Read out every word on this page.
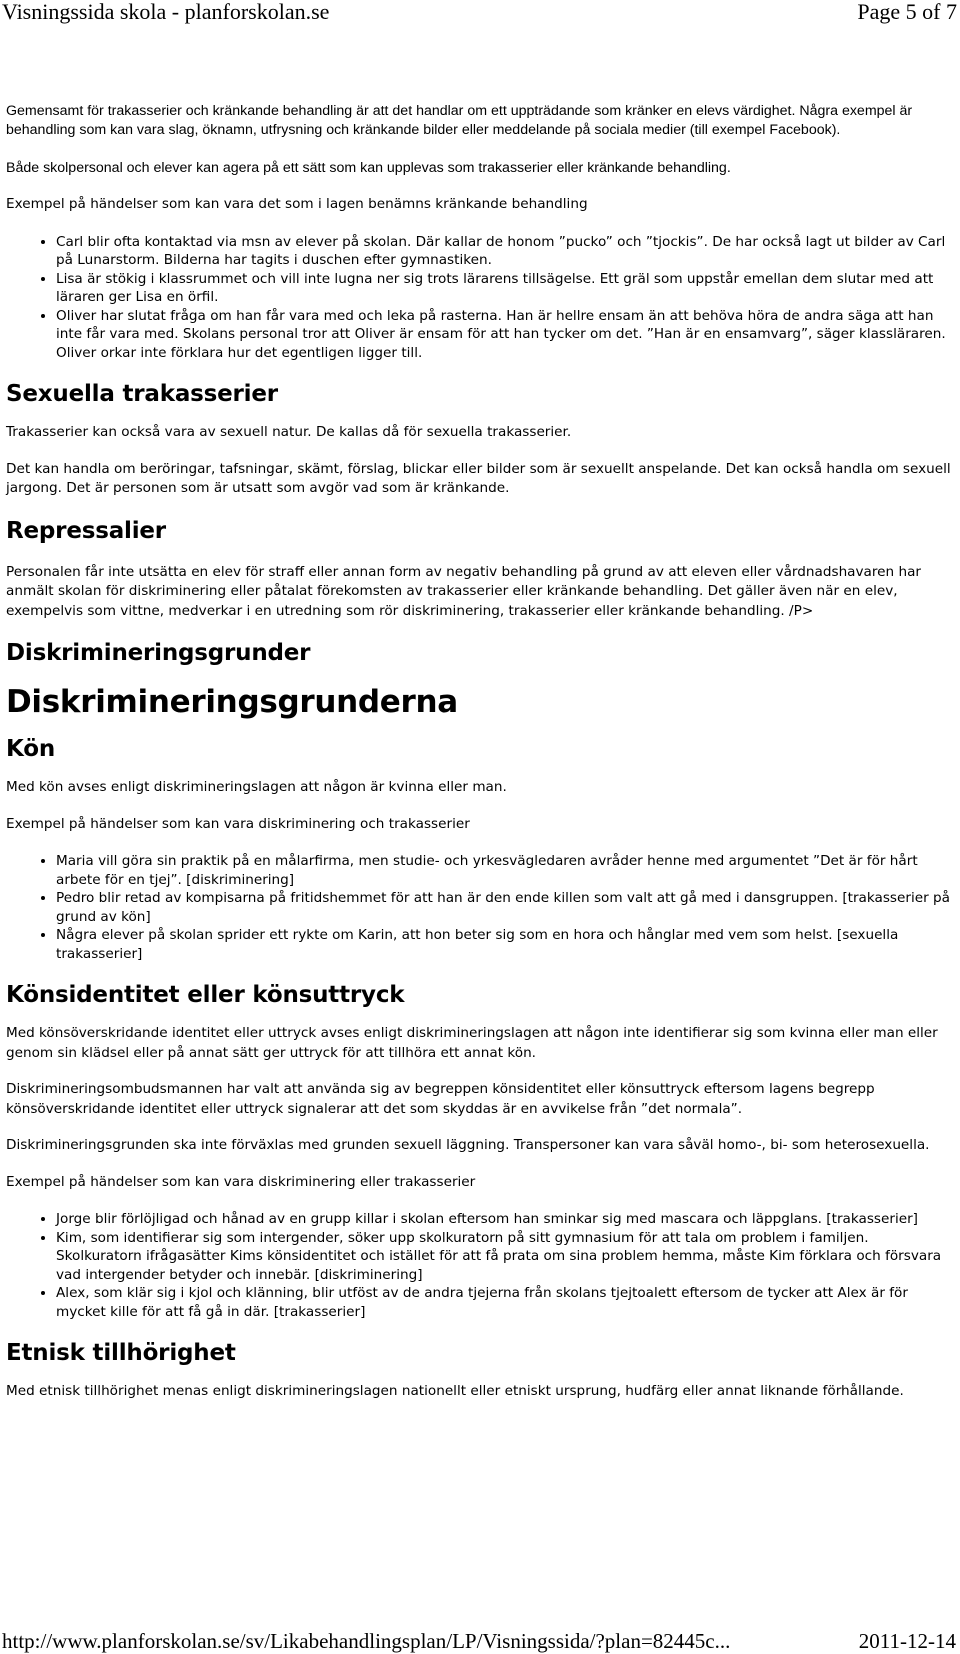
Visningssida skola - planforskolan.se	Page 5 of 7

Gemensamt för trakasserier och kränkande behandling är att det handlar om ett uppträdande som kränker en elevs värdighet. Några exempel är behandling som kan vara slag, öknamn, utfrysning och kränkande bilder eller meddelande på sociala medier (till exempel Facebook).

Både skolpersonal och elever kan agera på ett sätt som kan upplevas som trakasserier eller kränkande behandling.

Exempel på händelser som kan vara det som i lagen benämns kränkande behandling

• Carl blir ofta kontaktad via msn av elever på skolan. Där kallar de honom ”pucko” och ”tjockis”. De har också lagt ut bilder av Carl på Lunarstorm. Bilderna har tagits i duschen efter gymnastiken.
• Lisa är stökig i klassrummet och vill inte lugna ner sig trots lärarens tillsägelse. Ett gräl som uppstår emellan dem slutar med att läraren ger Lisa en örfil.
• Oliver har slutat fråga om han får vara med och leka på rasterna. Han är hellre ensam än att behöva höra de andra säga att han inte får vara med. Skolans personal tror att Oliver är ensam för att han tycker om det. ”Han är en ensamvarg”, säger klassläraren. Oliver orkar inte förklara hur det egentligen ligger till.
Sexuella trakasserier

Trakasserier kan också vara av sexuell natur. De kallas då för sexuella trakasserier.

Det kan handla om beröringar, tafsningar, skämt, förslag, blickar eller bilder som är sexuellt anspelande. Det kan också handla om sexuell jargong. Det är personen som är utsatt som avgör vad som är kränkande.

Repressalier

Personalen får inte utsätta en elev för straff eller annan form av negativ behandling på grund av att eleven eller vårdnadshavaren har anmält skolan för diskriminering eller påtalat förekomsten av trakasserier eller kränkande behandling. Det gäller även när en elev, exempelvis som vittne, medverkar i en utredning som rör diskriminering, trakasserier eller kränkande behandling. /P>

Diskrimineringsgrunder
Diskrimineringsgrunderna
Kön

Med kön avses enligt diskrimineringslagen att någon är kvinna eller man.

Exempel på händelser som kan vara diskriminering och trakasserier

• Maria vill göra sin praktik på en målarfirma, men studie- och yrkesvägledaren avråder henne med argumentet ”Det är för hårt arbete för en tjej”. [diskriminering]
• Pedro blir retad av kompisarna på fritidshemmet för att han är den ende killen som valt att gå med i dansgruppen. [trakasserier på grund av kön]
• Några elever på skolan sprider ett rykte om Karin, att hon beter sig som en hora och hånglar med vem som helst. [sexuella trakasserier]
Könsidentitet eller könsuttryck

Med könsöverskridande identitet eller uttryck avses enligt diskrimineringslagen att någon inte identifierar sig som kvinna eller man eller genom sin klädsel eller på annat sätt ger uttryck för att tillhöra ett annat kön.

Diskrimineringsombudsmannen har valt att använda sig av begreppen könsidentitet eller könsuttryck eftersom lagens begrepp könsöverskridande identitet eller uttryck signalerar att det som skyddas är en avvikelse från ”det normala”.

Diskrimineringsgrunden ska inte förväxlas med grunden sexuell läggning. Transpersoner kan vara såväl homo-, bi- som heterosexuella.

Exempel på händelser som kan vara diskriminering eller trakasserier

• Jorge blir förlöjligad och hånad av en grupp killar i skolan eftersom han sminkar sig med mascara och läppglans. [trakasserier]
• Kim, som identifierar sig som intergender, söker upp skolkuratorn på sitt gymnasium för att tala om problem i familjen. Skolkuratorn ifrågasätter Kims könsidentitet och istället för att få prata om sina problem hemma, måste Kim förklara och försvara vad intergender betyder och innebär. [diskriminering]
• Alex, som klär sig i kjol och klänning, blir utföst av de andra tjejerna från skolans tjejtoalett eftersom de tycker att Alex är för mycket kille för att få gå in där. [trakasserier]
Etnisk tillhörighet

Med etnisk tillhörighet menas enligt diskrimineringslagen nationellt eller etniskt ursprung, hudfärg eller annat liknande förhållande.

http://www.planforskolan.se/sv/Likabehandlingsplan/LP/Visningssida/?plan=82445c...	2011-12-14
